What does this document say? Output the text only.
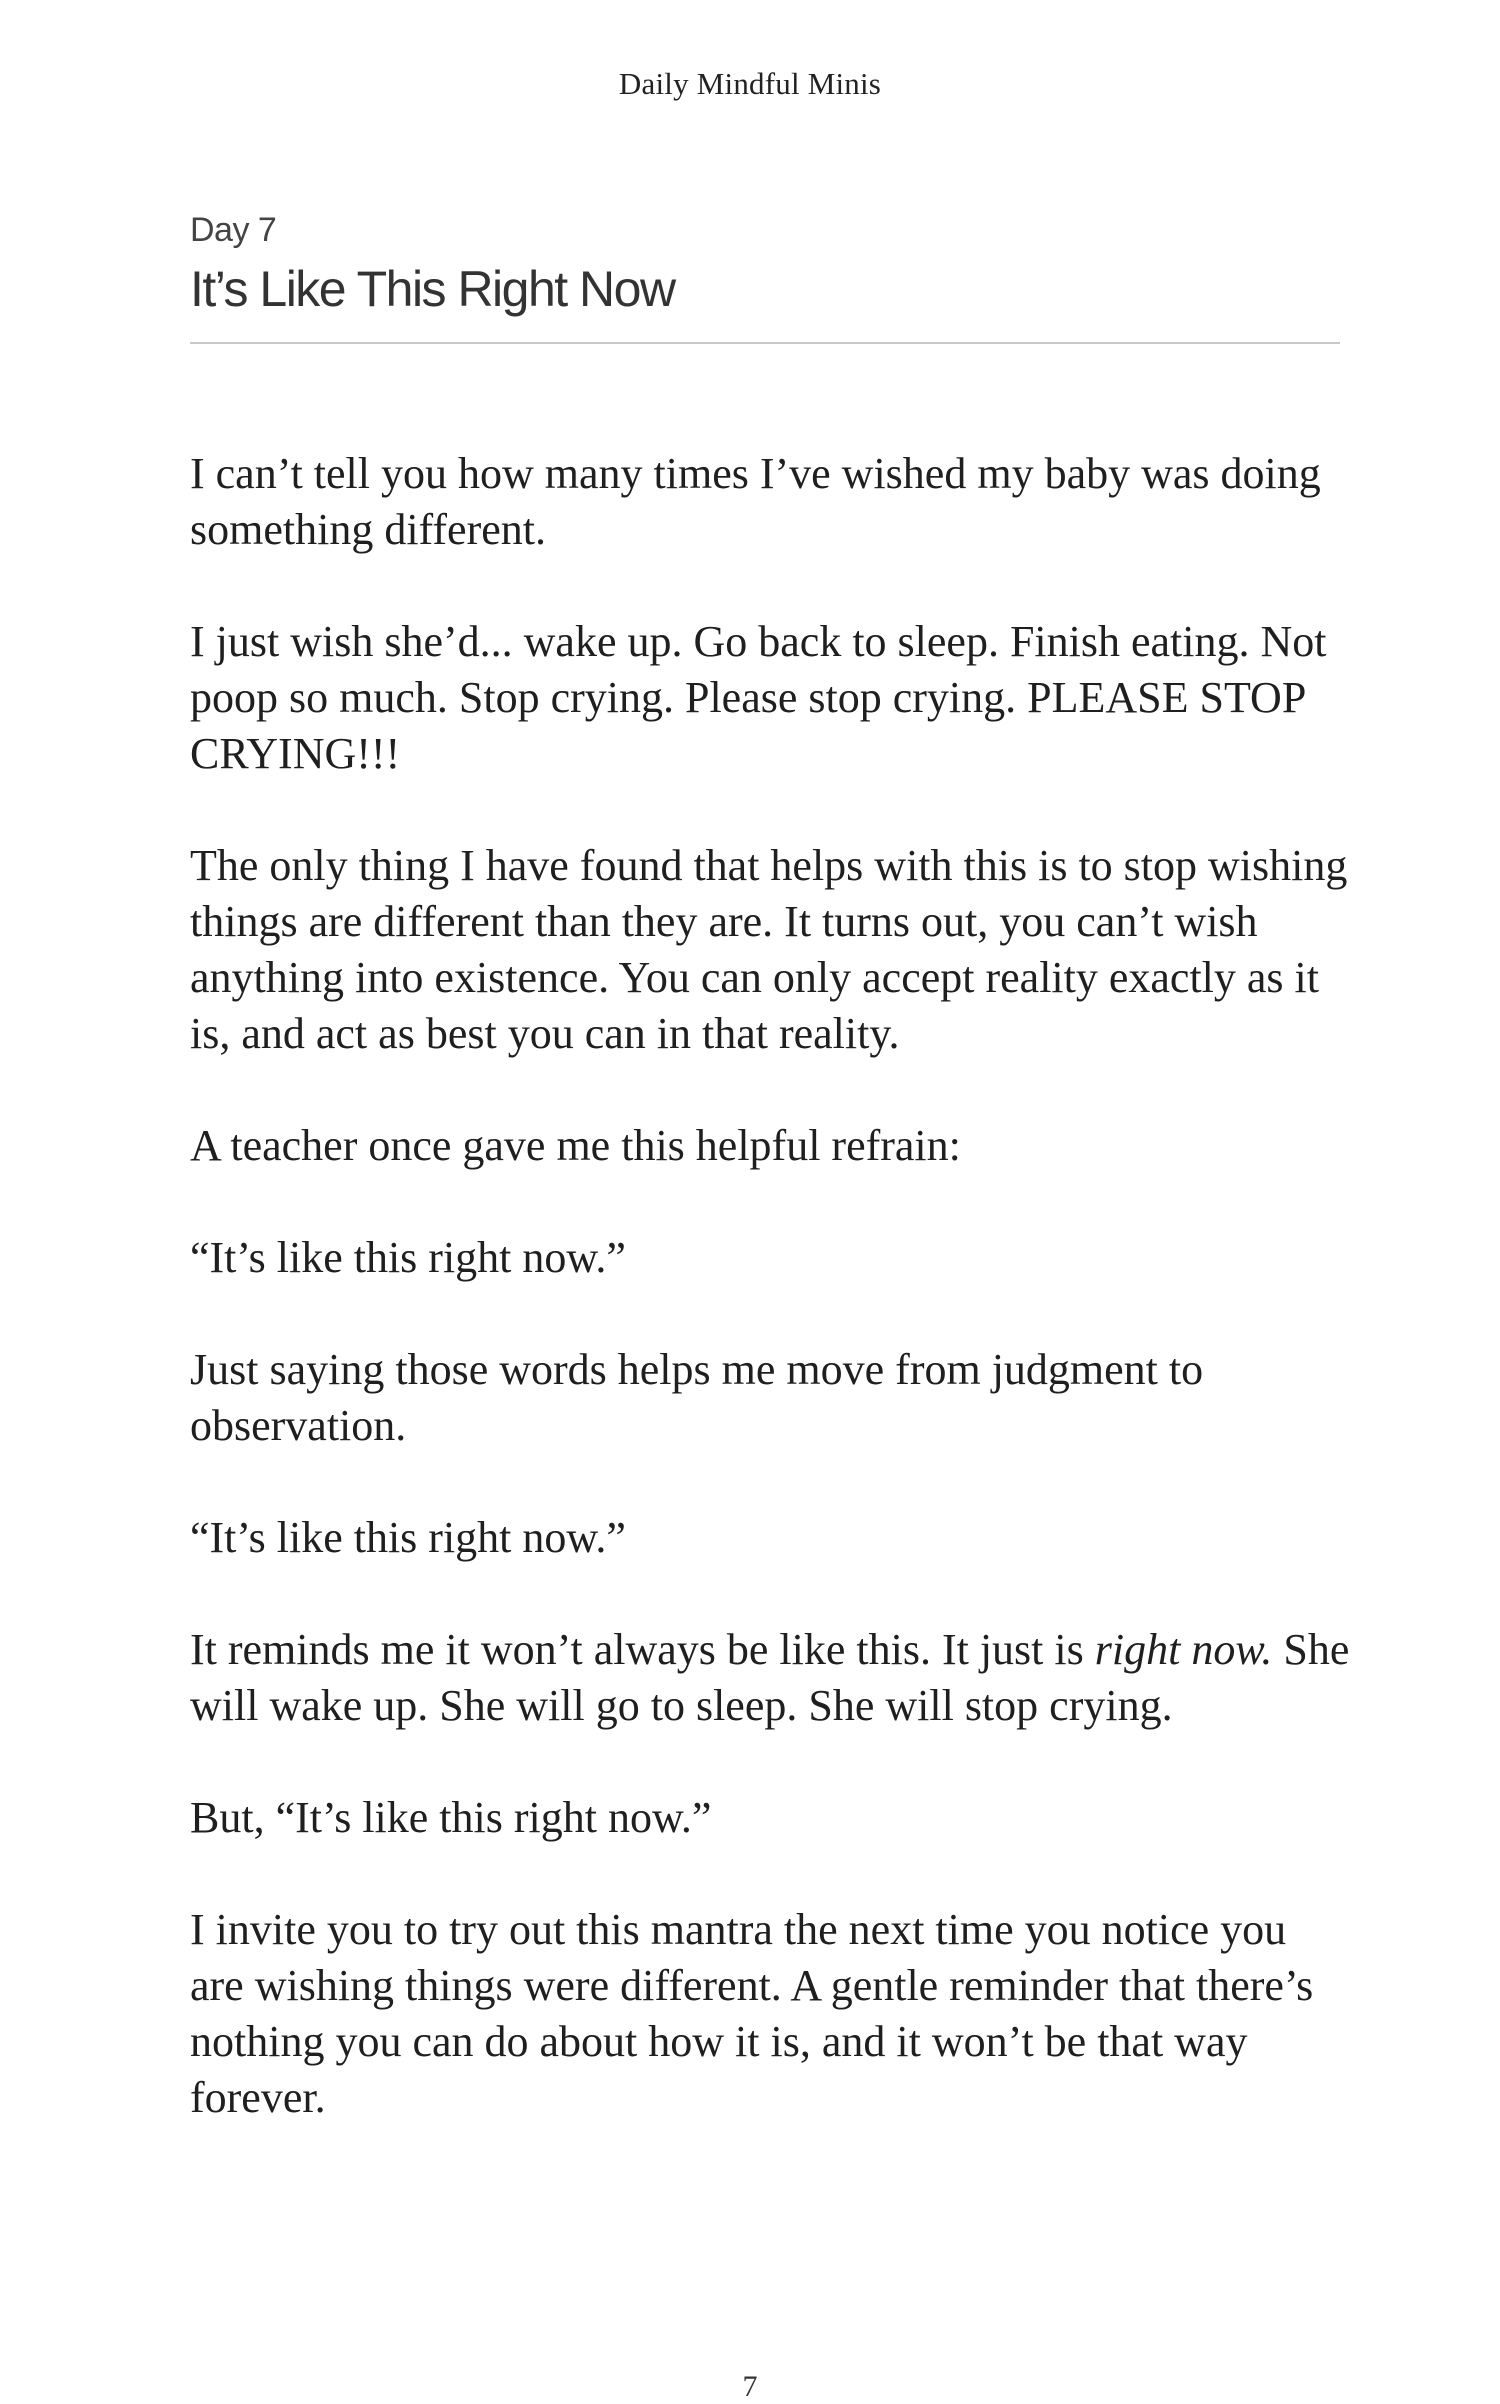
Daily Mindful Minis
Day 7
It’s Like This Right Now

I can’t tell you how many times I’ve wished my baby was doing something different.

I just wish she’d... wake up. Go back to sleep. Finish eating. Not poop so much. Stop crying. Please stop crying. PLEASE STOP CRYING!!!

The only thing I have found that helps with this is to stop wishing things are different than they are. It turns out, you can’t wish anything into existence. You can only accept reality exactly as it is, and act as best you can in that reality.

A teacher once gave me this helpful refrain:

“It’s like this right now.”

Just saying those words helps me move from judgment to observation.

“It’s like this right now.”

It reminds me it won’t always be like this. It just is right now. She will wake up. She will go to sleep. She will stop crying.

But, “It’s like this right now.”

I invite you to try out this mantra the next time you notice you are wishing things were different. A gentle reminder that there’s nothing you can do about how it is, and it won’t be that way forever.

7
